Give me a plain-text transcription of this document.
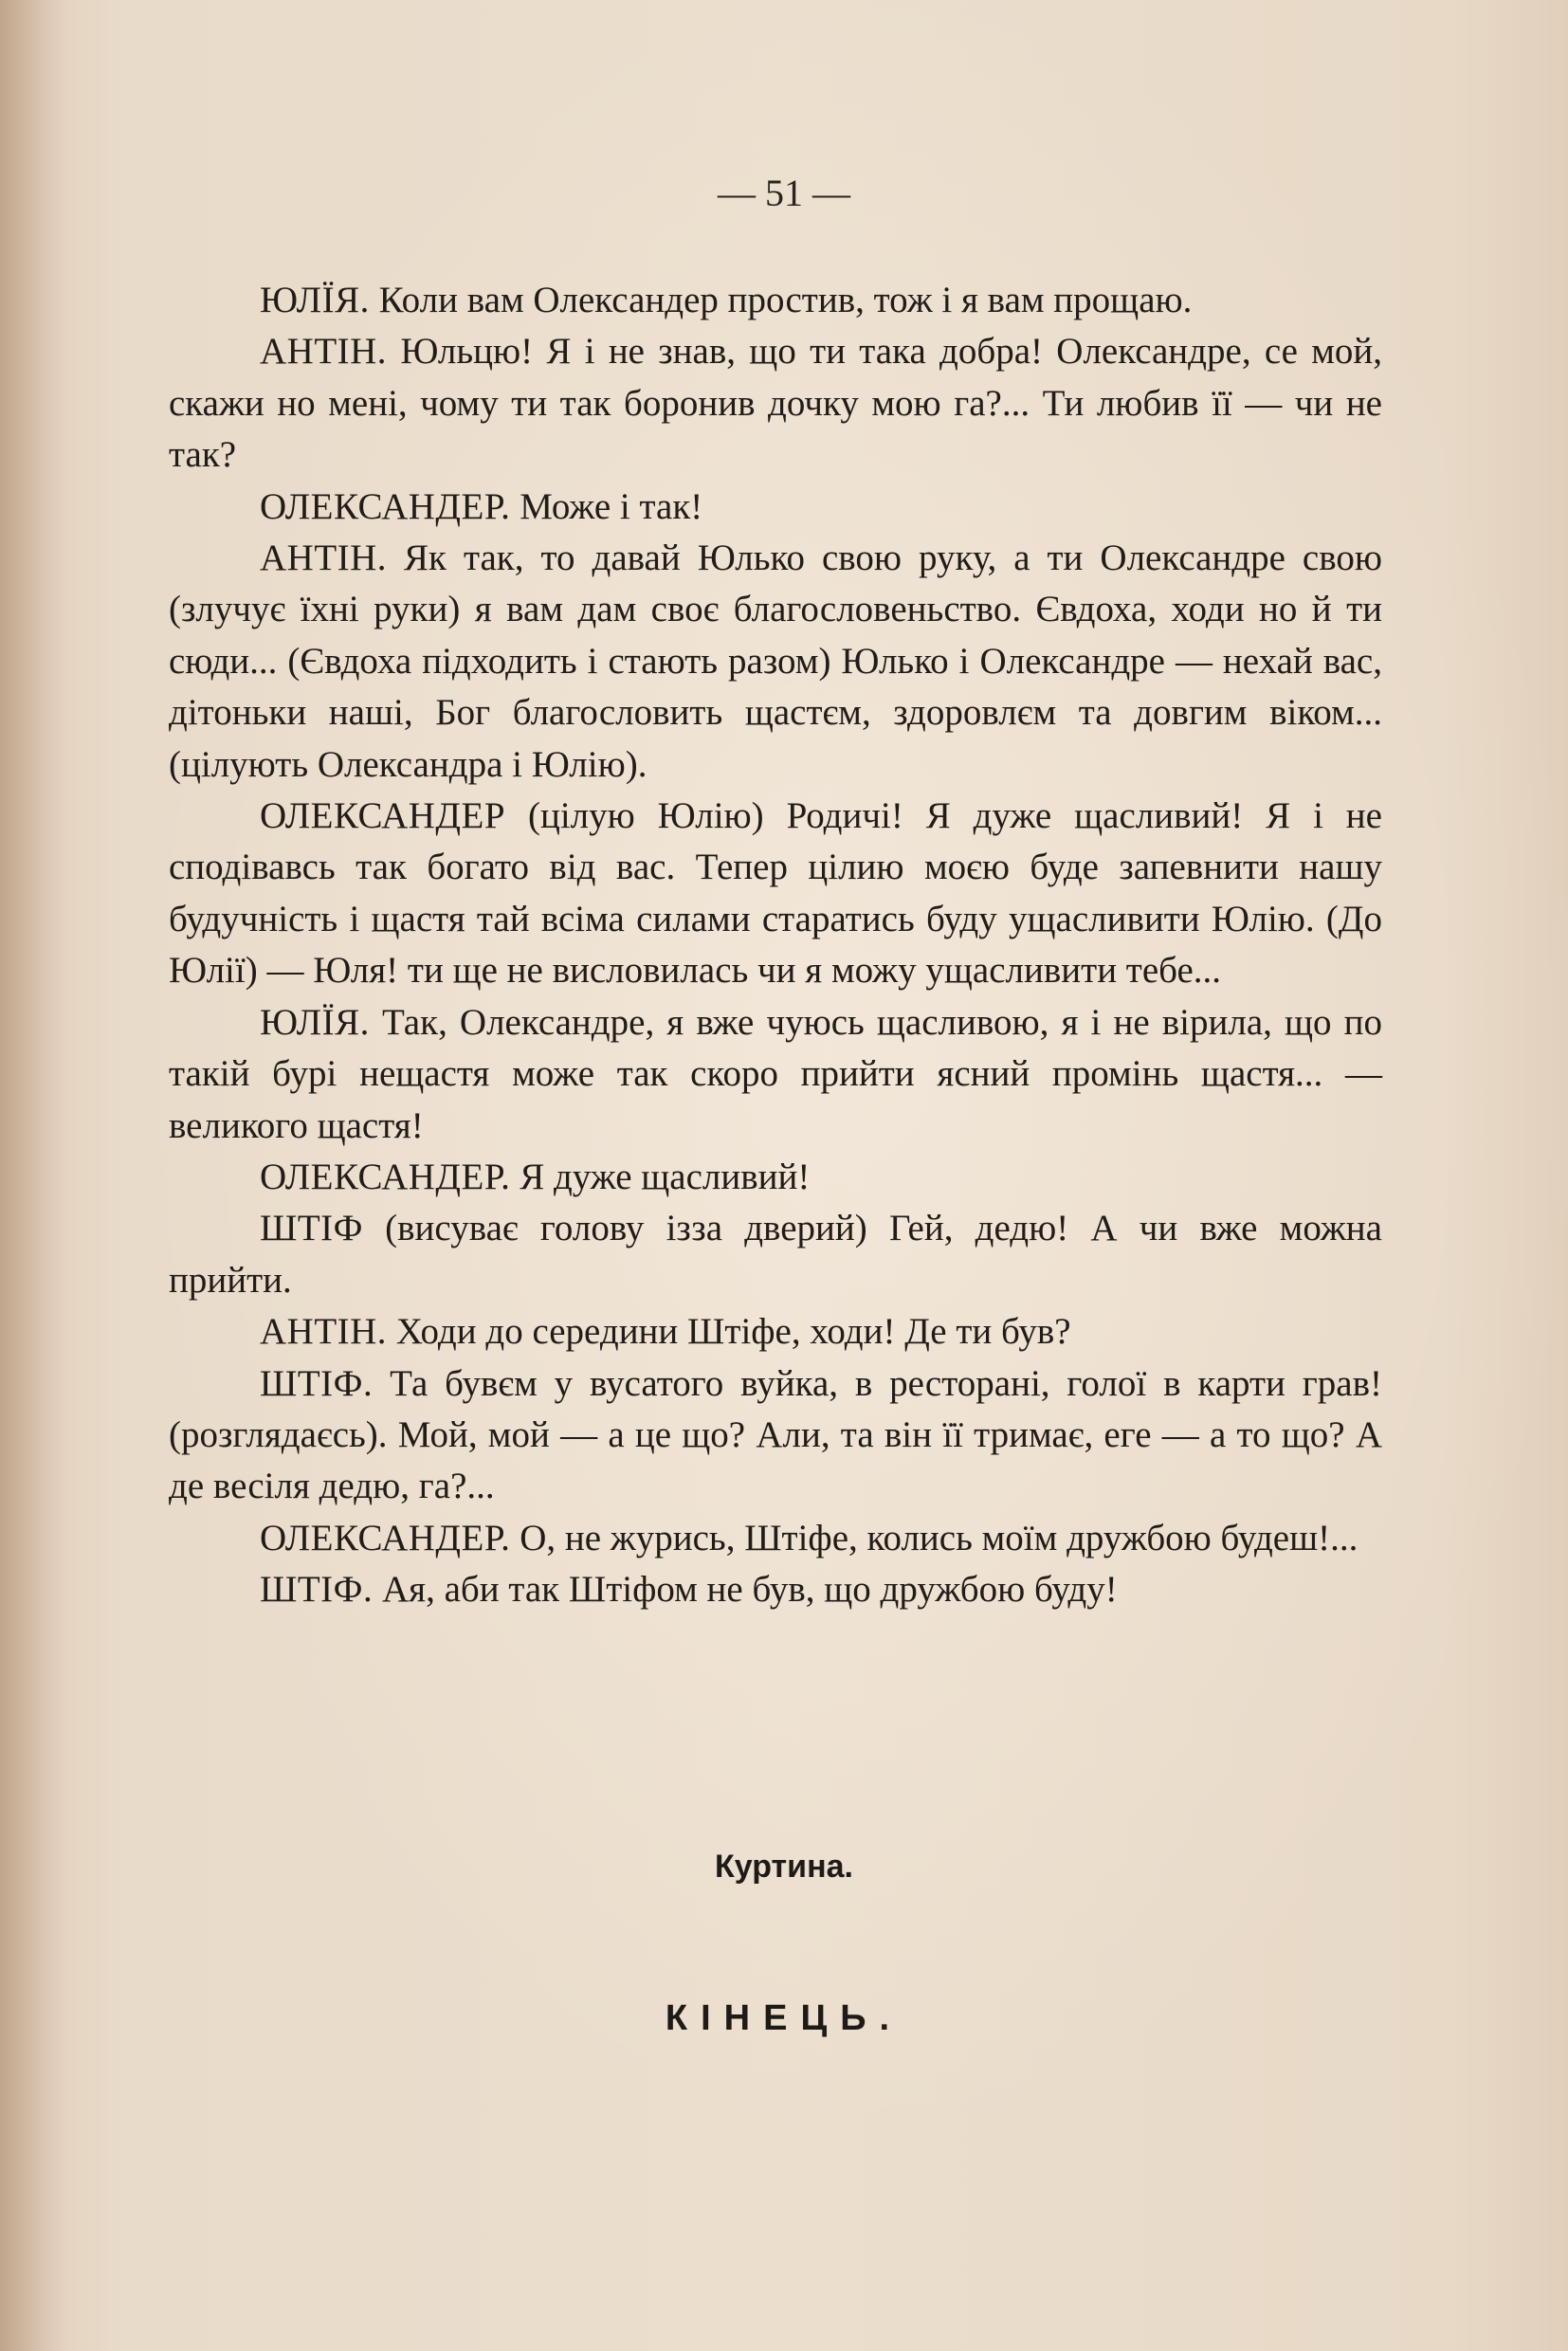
— 51 —

ЮЛЇЯ. Коли вам Олександер простив, тож і я вам прощаю.

АНТІН. Юльцю! Я і не знав, що ти така добра! Олександре, се мой, скажи но мені, чому ти так боронив дочку мою га?... Ти любив її — чи не так?

ОЛЕКСАНДЕР. Може і так!

АНТІН. Як так, то давай Юлько свою руку, а ти Олександре свою (злучує їхні руки) я вам дам своє благословеньство. Євдоха, ходи но й ти сюди... (Євдоха підходить і стають разом) Юлько і Олександре — нехай вас, дітоньки наші, Бог благословить щастєм, здоровлєм та довгим віком... (цілують Олександра і Юлію).

ОЛЕКСАНДЕР (цілую Юлію) Родичі! Я дуже щасливий! Я і не сподівавсь так богато від вас. Тепер цілию моєю буде запевнити нашу будучність і щастя тай всіма силами старатись буду ущасливити Юлію. (До Юлії) — Юля! ти ще не висловилась чи я можу ущасливити тебе...

ЮЛЇЯ. Так, Олександре, я вже чуюсь щасливою, я і не вірила, що по такій бурі нещастя може так скоро прийти ясний промінь щастя... — великого щастя!

ОЛЕКСАНДЕР. Я дуже щасливий!

ШТІФ (висуває голову ізза дверий) Гей, дедю! А чи вже можна прийти.

АНТІН. Ходи до середини Штіфе, ходи! Де ти був?

ШТІФ. Та бувєм у вусатого вуйка, в ресторані, голої в карти грав! (розглядаєсь). Мой, мой — а це що? Али, та він її тримає, еге — а то що? А де весіля дедю, га?...

ОЛЕКСАНДЕР. О, не журись, Штіфе, колись моїм дружбою будеш!...

ШТІФ. Ая, аби так Штіфом не був, що дружбою буду!

Куртина.
КІНЕЦЬ.
